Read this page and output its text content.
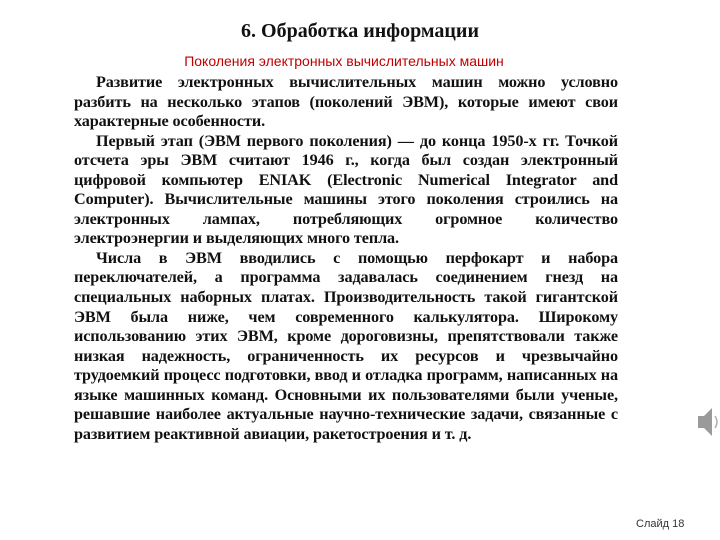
6. Обработка информации
Поколения электронных вычислительных машин

Развитие электронных вычислительных машин можно условно разбить на несколько этапов (поколений ЭВМ), которые имеют свои характерные особенности.

Первый этап (ЭВМ первого поколения) — до конца 1950-х гг. Точкой отсчета эры ЭВМ считают 1946 г., когда был создан электронный цифровой компьютер ENIAK (Electronic Numerical Integrator and Computer). Вычислительные машины этого поколения строились на электронных лампах, потребляющих огромное количество электроэнергии и выделяющих много тепла.

Числа в ЭВМ вводились с помощью перфокарт и набора переключателей, а программа задавалась соединением гнезд на специальных наборных платах. Производительность такой гигантской ЭВМ была ниже, чем современного калькулятора. Широкому использованию этих ЭВМ, кроме дороговизны, препятствовали также низкая надежность, ограниченность их ресурсов и чрезвычайно трудоемкий процесс подготовки, ввод и отладка программ, написанных на языке машинных команд. Основными их пользователями были ученые, решавшие наиболее актуальные научно-технические задачи, связанные с развитием реактивной авиации, ракетостроения и т. д.

Слайд 18
